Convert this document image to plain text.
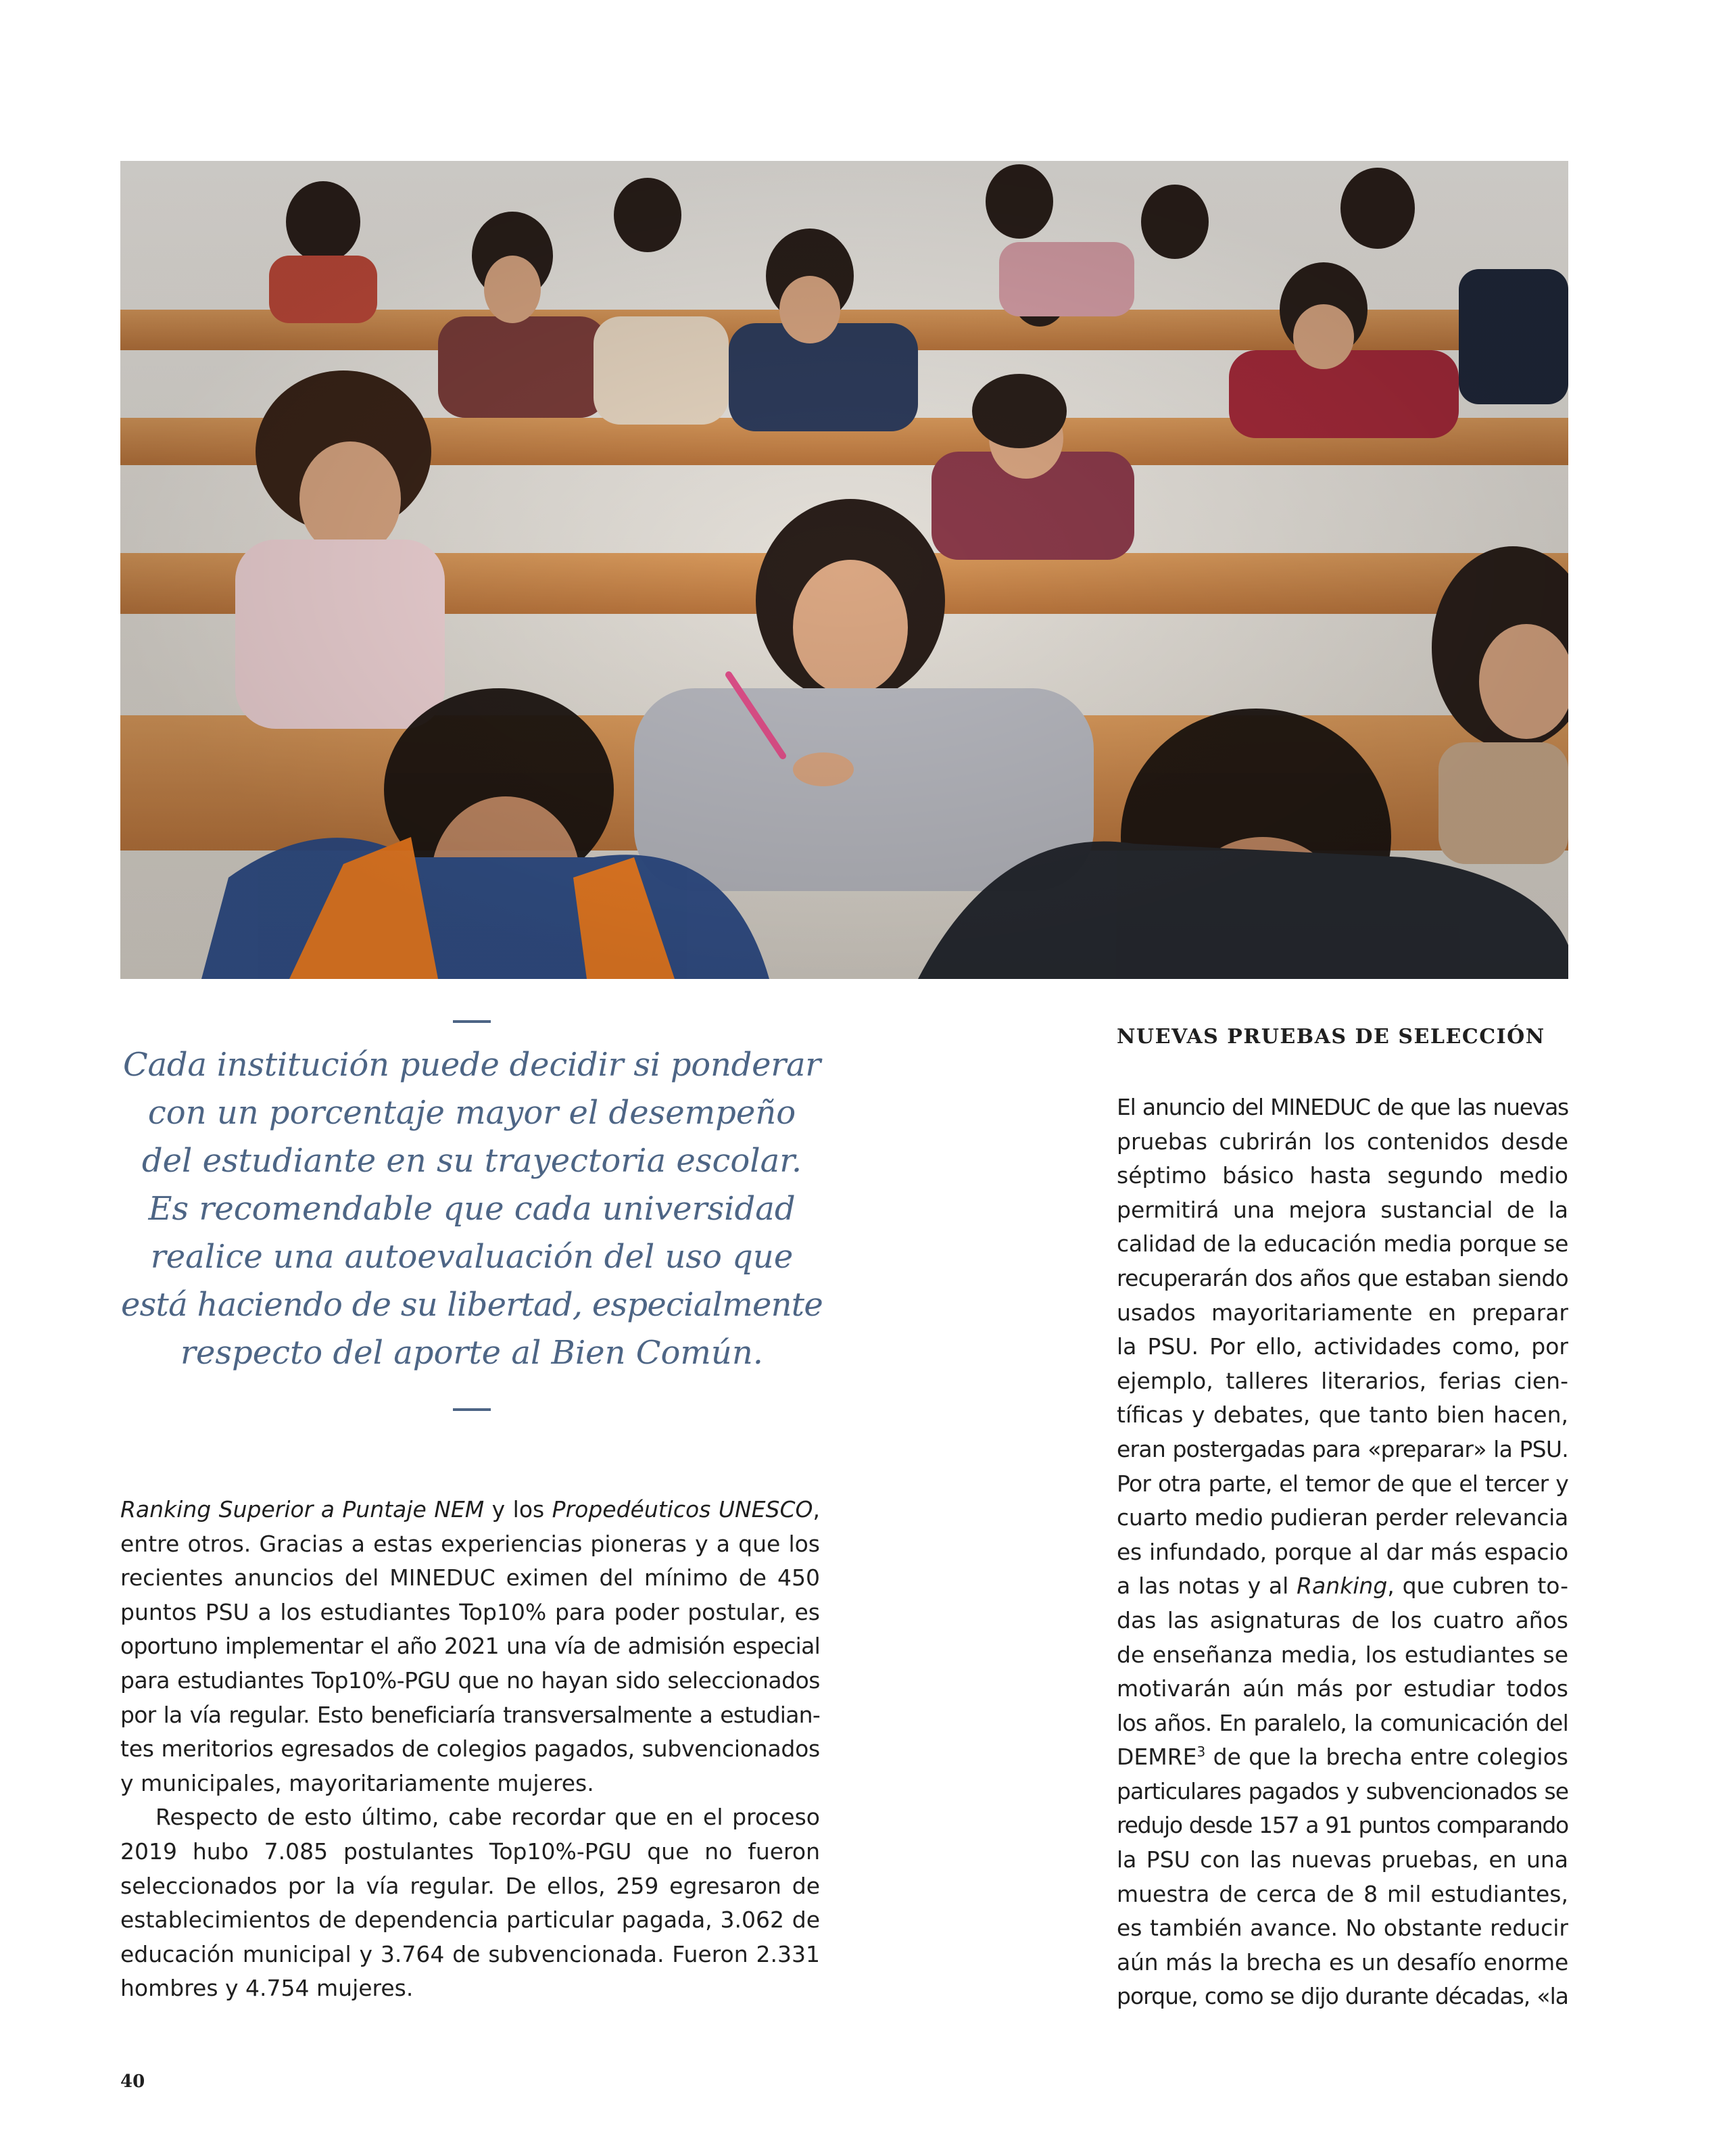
Cada institución puede decidir si ponderar
con un porcentaje mayor el desempeño
del estudiante en su trayectoria escolar.
Es recomendable que cada universidad
realice una autoevaluación del uso que
está haciendo de su libertad, especialmente
respecto del aporte al Bien Común.

Ranking Superior a Puntaje NEM y los Propedéuticos UNESCO,
entre otros. Gracias a estas experiencias pioneras y a que los
recientes anuncios del MINEDUC eximen del mínimo de 450
puntos PSU a los estudiantes Top10% para poder postular, es
oportuno implementar el año 2021 una vía de admisión especial
para estudiantes Top10%-PGU que no hayan sido seleccionados
por la vía regular. Esto beneficiaría transversalmente a estudian-
tes meritorios egresados de colegios pagados, subvencionados
y municipales, mayoritariamente mujeres.

Respecto de esto último, cabe recordar que en el proceso
2019 hubo 7.085 postulantes Top10%-PGU que no fueron
seleccionados por la vía regular. De ellos, 259 egresaron de
establecimientos de dependencia particular pagada, 3.062 de
educación municipal y 3.764 de subvencionada. Fueron 2.331
hombres y 4.754 mujeres.

NUEVAS PRUEBAS DE SELECCIÓN
El anuncio del MINEDUC de que las nuevas
pruebas cubrirán los contenidos desde
séptimo básico hasta segundo medio
permitirá una mejora sustancial de la
calidad de la educación media porque se
recuperarán dos años que estaban siendo
usados mayoritariamente en preparar
la PSU. Por ello, actividades como, por
ejemplo, talleres literarios, ferias cien-
tíficas y debates, que tanto bien hacen,
eran postergadas para «preparar» la PSU.
Por otra parte, el temor de que el tercer y
cuarto medio pudieran perder relevancia
es infundado, porque al dar más espacio
a las notas y al Ranking, que cubren to-
das las asignaturas de los cuatro años
de enseñanza media, los estudiantes se
motivarán aún más por estudiar todos
los años. En paralelo, la comunicación del
DEMRE$^3$ de que la brecha entre colegios
particulares pagados y subvencionados se
redujo desde 157 a 91 puntos comparando
la PSU con las nuevas pruebas, en una
muestra de cerca de 8 mil estudiantes,
es también avance. No obstante reducir
aún más la brecha es un desafío enorme
porque, como se dijo durante décadas, «la
40
